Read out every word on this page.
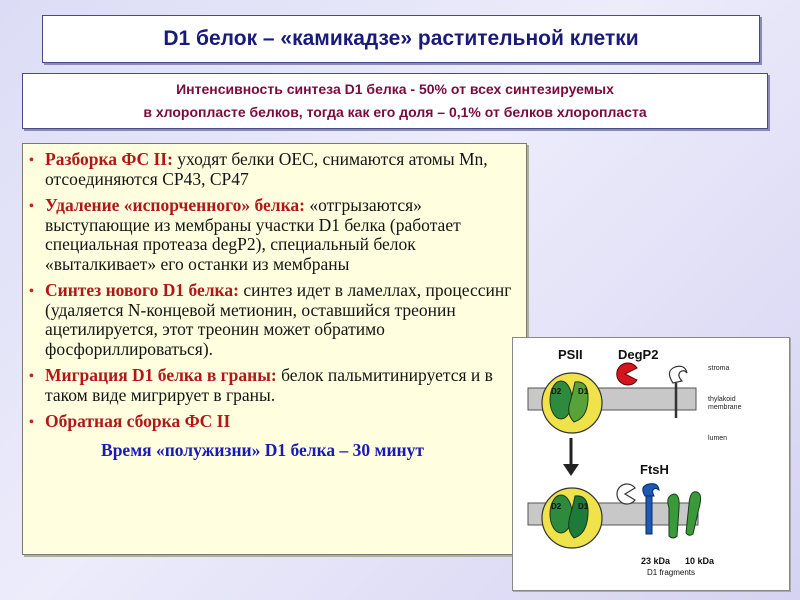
D1 белок – «камикадзе» растительной клетки
Интенсивность синтеза D1 белка - 50% от всех синтезируемых
в хлоропласте белков, тогда как его доля – 0,1% от белков хлоропласта
• Разборка ФС II: уходят белки OEC, снимаются атомы Mn, отсоединяются CP43, CP47
• Удаление «испорченного» белка: «отгрызаются» выступающие из мембраны участки D1 белка (работает специальная протеаза degP2), специальный белок «выталкивает» его останки из мембраны
• Синтез нового D1 белка: синтез идет в ламеллах, процессинг (удаляется N-концевой метионин, оставшийся треонин ацетилируется, этот треонин может обратимо фосфориллироваться).
• Миграция D1 белка в граны: белок пальмитинируется и в таком виде мигрирует в граны.
• Обратная сборка ФС II
Время «полужизни» D1 белка – 30 минут
PSII	DegP2
stroma
thylakoid
membrane
lumen
D2 D1
FtsH
D2 D1
23 kDa 10 kDa
D1 fragments
